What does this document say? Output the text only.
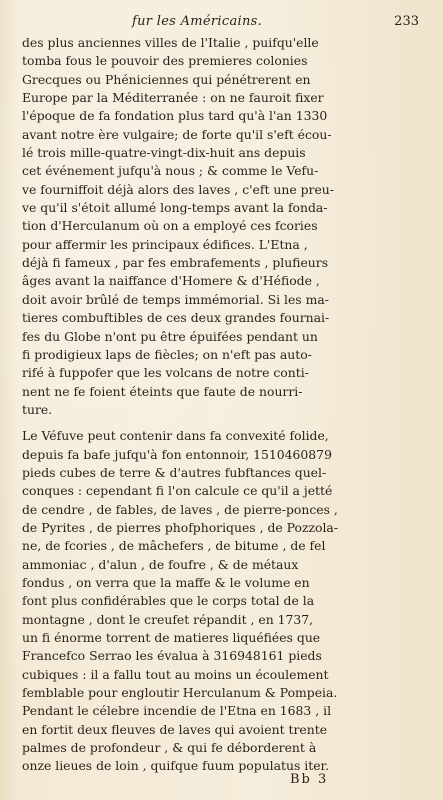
fur les Américains.	233
des plus anciennes villes de l'Italie , puifqu'elle
tomba fous le pouvoir des premieres colonies
Grecques ou Phéniciennes qui pénétrerent en
Europe par la Méditerranée : on ne fauroit fixer
l'époque de fa fondation plus tard qu'à l'an 1330
avant notre ère vulgaire; de forte qu'il s'eft écou-
lé trois mille-quatre-vingt-dix-huit ans depuis
cet événement jufqu'à nous ; & comme le Vefu-
ve fourniffoit déjà alors des laves , c'eft une preu-
ve qu'il s'étoit allumé long-temps avant la fonda-
tion d'Herculanum où on a employé ces fcories
pour affermir les principaux édifices. L'Etna ,
déjà fi fameux , par fes embrafements , plufieurs
âges avant la naiffance d'Homere & d'Héfiode ,
doit avoir brûlé de temps immémorial. Si les ma-
tieres combuftibles de ces deux grandes fournai-
fes du Globe n'ont pu être épuifées pendant un
fi prodigieux laps de fiècles; on n'eft pas auto-
rifé à fuppofer que les volcans de notre conti-
nent ne fe foient éteints que faute de nourri-
ture.
Le Véfuve peut contenir dans fa convexité folide,
depuis fa bafe jufqu'à fon entonnoir, 1510460879
pieds cubes de terre & d'autres fubftances quel-
conques : cependant fi l'on calcule ce qu'il a jetté
de cendre , de fables, de laves , de pierre-ponces ,
de Pyrites , de pierres phofphoriques , de Pozzola-
ne, de fcories , de mâchefers , de bitume , de fel
ammoniac , d'alun , de foufre , & de métaux
fondus , on verra que la maffe & le volume en
font plus confidérables que le corps total de la
montagne , dont le creufet répandit , en 1737,
un fi énorme torrent de matieres liquéfiées que
Francefco Serrao les évalua à 316948161 pieds
cubiques : il a fallu tout au moins un écoulement
femblable pour engloutir Herculanum & Pompeia.
Pendant le célebre incendie de l'Etna en 1683 , il
en fortit deux fleuves de laves qui avoient trente
palmes de profondeur , & qui fe déborderent à
onze lieues de loin , quifque fuum populatus iter.
Bb 3
